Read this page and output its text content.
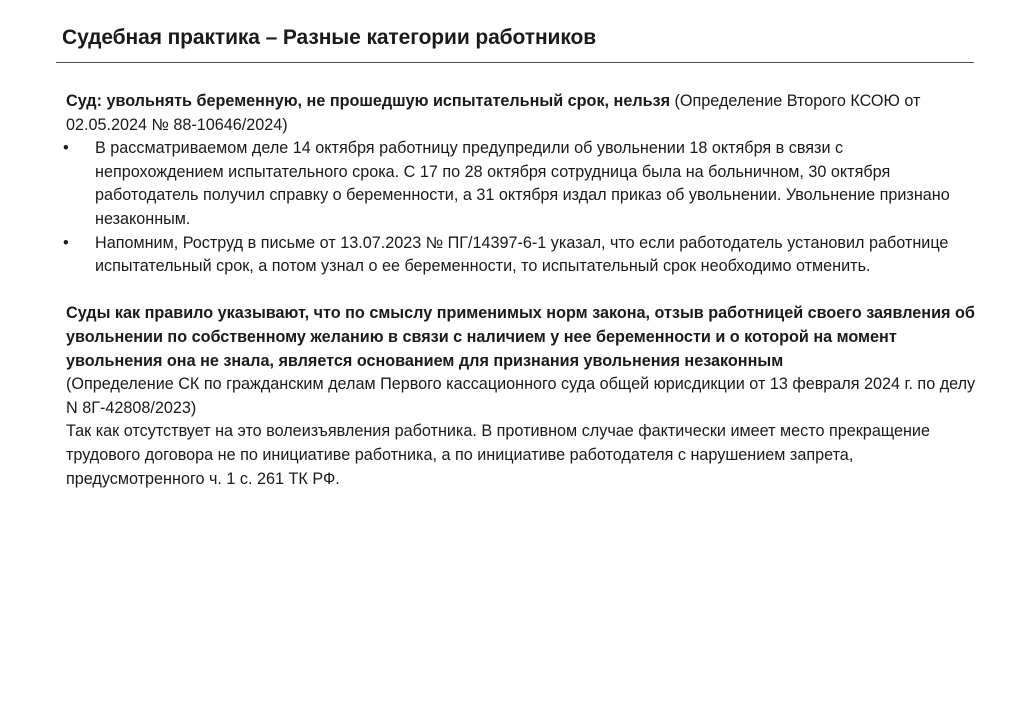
Судебная практика – Разные категории работников

Суд: увольнять беременную, не прошедшую испытательный срок, нельзя (Определение Второго КСОЮ от 02.05.2024 № 88-10646/2024)

• В рассматриваемом деле 14 октября работницу предупредили об увольнении 18 октября в связи с непрохождением испытательного срока. С 17 по 28 октября сотрудница была на больничном, 30 октября работодатель получил справку о беременности, а 31 октября издал приказ об увольнении. Увольнение признано незаконным.
• Напомним, Роструд в письме от 13.07.2023 № ПГ/14397-6-1 указал, что если работодатель установил работнице испытательный срок, а потом узнал о ее беременности, то испытательный срок необходимо отменить.

Суды как правило указывают, что по смыслу применимых норм закона, отзыв работницей своего заявления об увольнении по собственному желанию в связи с наличием у нее беременности и о которой на момент увольнения она не знала, является основанием для признания увольнения незаконным

(Определение СК по гражданским делам Первого кассационного суда общей юрисдикции от 13 февраля 2024 г. по делу N 8Г-42808/2023)

Так как отсутствует на это волеизъявления работника. В противном случае фактически имеет место прекращение трудового договора не по инициативе работника, а по инициативе работодателя с нарушением запрета, предусмотренного ч. 1 с. 261 ТК РФ.
